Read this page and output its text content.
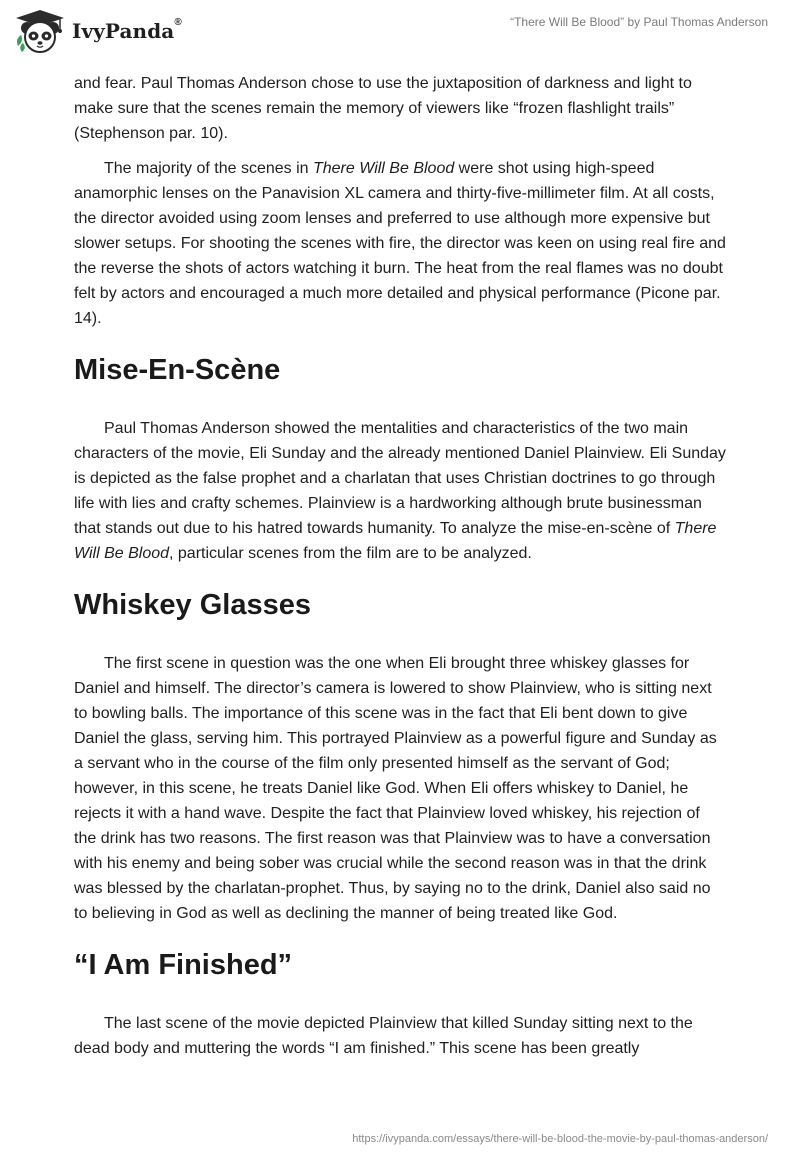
IvyPanda®	“There Will Be Blood” by Paul Thomas Anderson

and fear. Paul Thomas Anderson chose to use the juxtaposition of darkness and light to make sure that the scenes remain the memory of viewers like “frozen flashlight trails” (Stephenson par. 10).

The majority of the scenes in There Will Be Blood were shot using high-speed anamorphic lenses on the Panavision XL camera and thirty-five-millimeter film. At all costs, the director avoided using zoom lenses and preferred to use although more expensive but slower setups. For shooting the scenes with fire, the director was keen on using real fire and the reverse the shots of actors watching it burn. The heat from the real flames was no doubt felt by actors and encouraged a much more detailed and physical performance (Picone par. 14).

Mise-En-Scène

Paul Thomas Anderson showed the mentalities and characteristics of the two main characters of the movie, Eli Sunday and the already mentioned Daniel Plainview. Eli Sunday is depicted as the false prophet and a charlatan that uses Christian doctrines to go through life with lies and crafty schemes. Plainview is a hardworking although brute businessman that stands out due to his hatred towards humanity. To analyze the mise-en-scène of There Will Be Blood, particular scenes from the film are to be analyzed.

Whiskey Glasses

The first scene in question was the one when Eli brought three whiskey glasses for Daniel and himself. The director’s camera is lowered to show Plainview, who is sitting next to bowling balls. The importance of this scene was in the fact that Eli bent down to give Daniel the glass, serving him. This portrayed Plainview as a powerful figure and Sunday as a servant who in the course of the film only presented himself as the servant of God; however, in this scene, he treats Daniel like God. When Eli offers whiskey to Daniel, he rejects it with a hand wave. Despite the fact that Plainview loved whiskey, his rejection of the drink has two reasons. The first reason was that Plainview was to have a conversation with his enemy and being sober was crucial while the second reason was in that the drink was blessed by the charlatan-prophet. Thus, by saying no to the drink, Daniel also said no to believing in God as well as declining the manner of being treated like God.

“I Am Finished”

The last scene of the movie depicted Plainview that killed Sunday sitting next to the dead body and muttering the words “I am finished.” This scene has been greatly

https://ivypanda.com/essays/there-will-be-blood-the-movie-by-paul-thomas-anderson/
